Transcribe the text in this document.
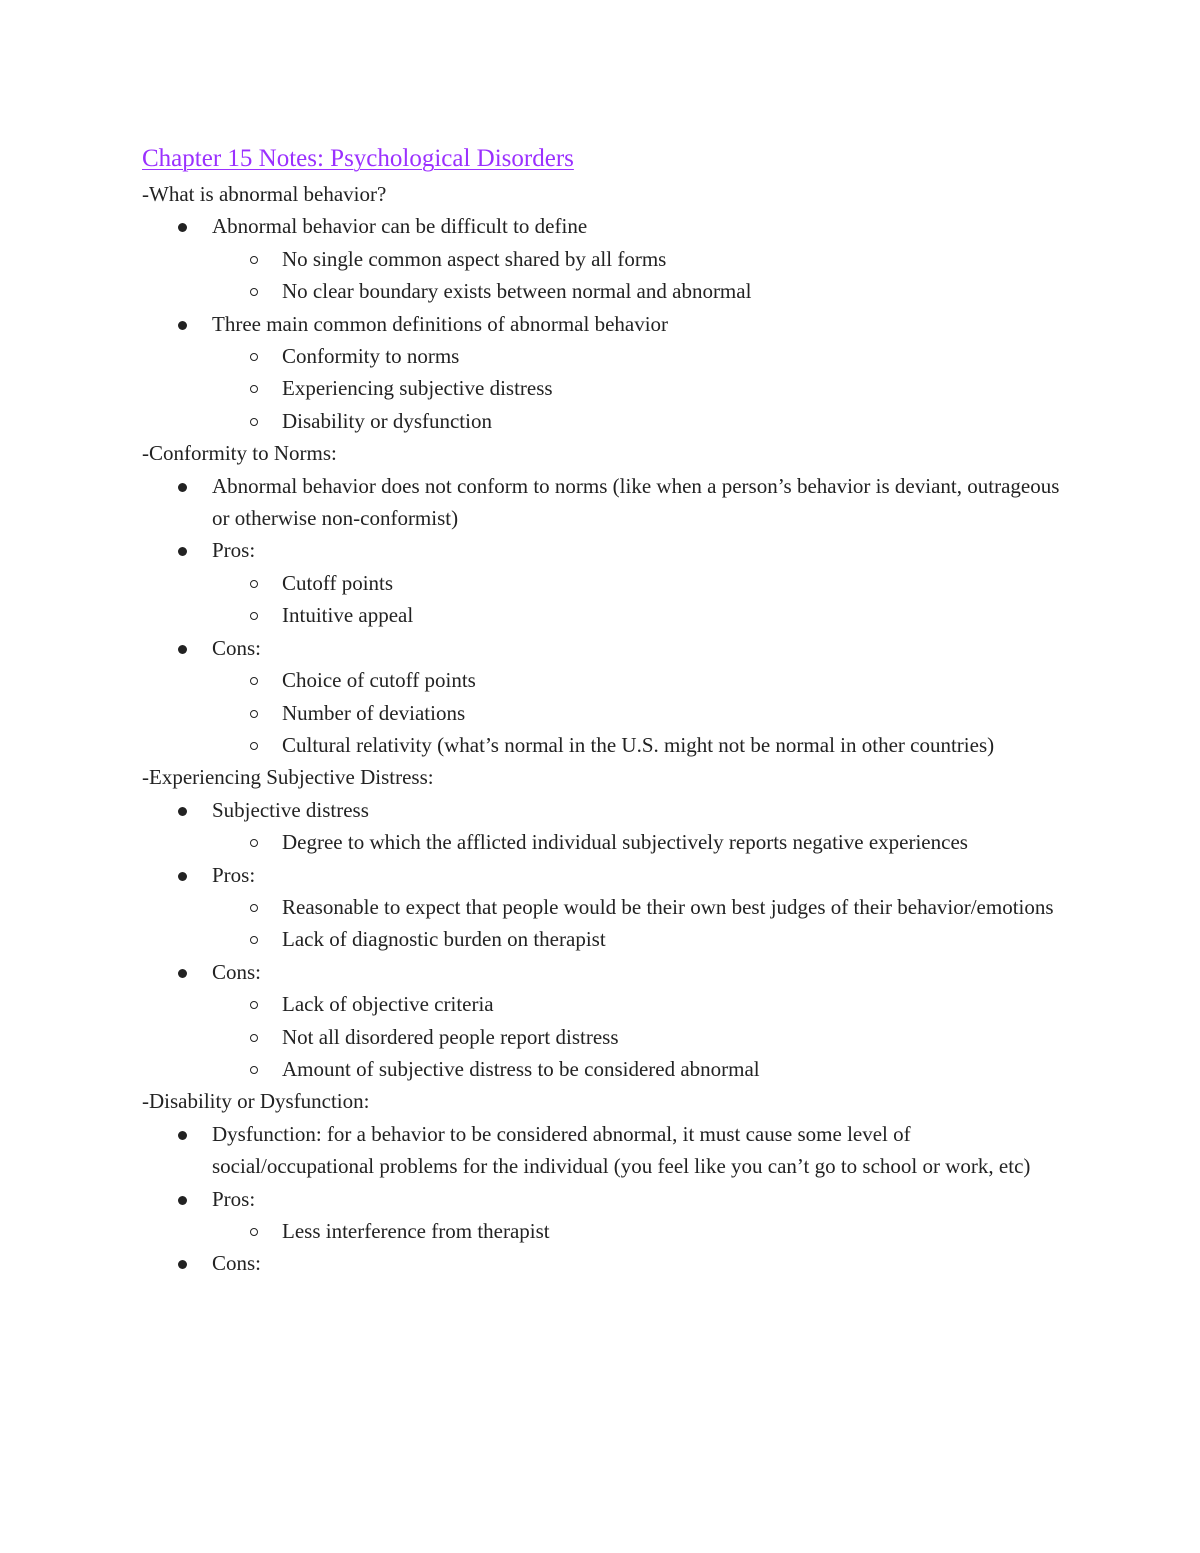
Chapter 15 Notes: Psychological Disorders
-What is abnormal behavior?
Abnormal behavior can be difficult to define
No single common aspect shared by all forms
No clear boundary exists between normal and abnormal
Three main common definitions of abnormal behavior
Conformity to norms
Experiencing subjective distress
Disability or dysfunction
-Conformity to Norms:
Abnormal behavior does not conform to norms (like when a person’s behavior is deviant, outrageous or otherwise non-conformist)
Pros:
Cutoff points
Intuitive appeal
Cons:
Choice of cutoff points
Number of deviations
Cultural relativity (what’s normal in the U.S. might not be normal in other countries)
-Experiencing Subjective Distress:
Subjective distress
Degree to which the afflicted individual subjectively reports negative experiences
Pros:
Reasonable to expect that people would be their own best judges of their behavior/emotions
Lack of diagnostic burden on therapist
Cons:
Lack of objective criteria
Not all disordered people report distress
Amount of subjective distress to be considered abnormal
-Disability or Dysfunction:
Dysfunction: for a behavior to be considered abnormal, it must cause some level of social/occupational problems for the individual (you feel like you can’t go to school or work, etc)
Pros:
Less interference from therapist
Cons:
